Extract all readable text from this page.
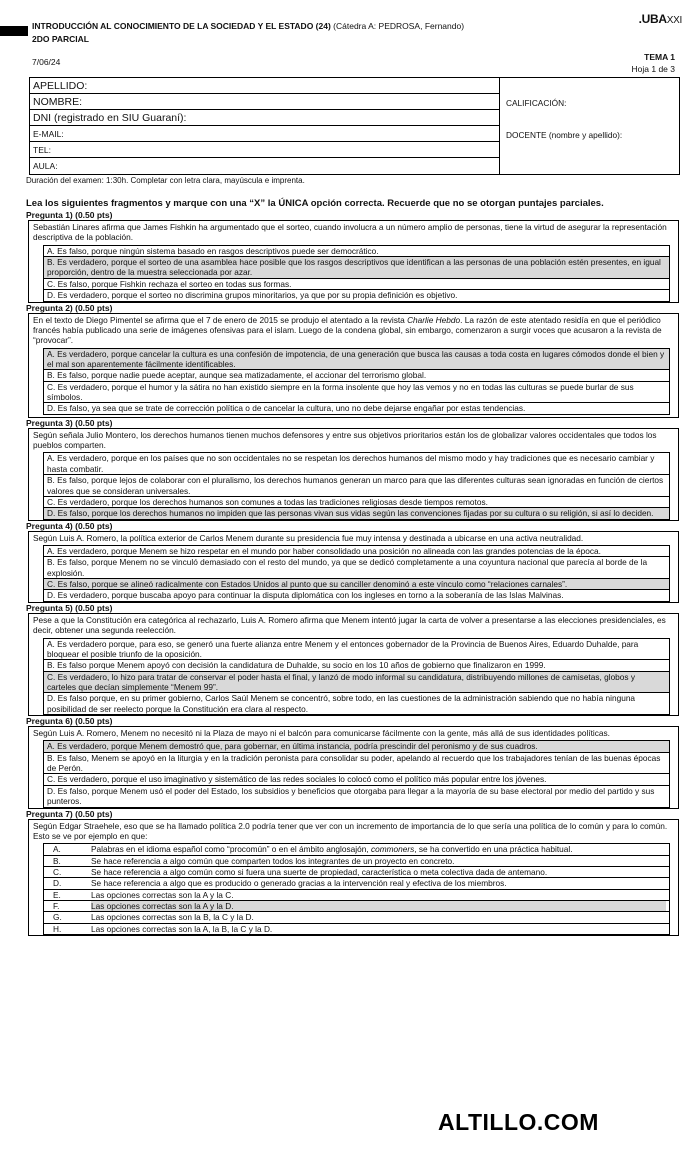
INTRODUCCIÓN AL CONOCIMIENTO DE LA SOCIEDAD Y EL ESTADO (24) (Cátedra A: PEDROSA, Fernando)
2DO PARCIAL
.UBAXXI
7/06/24	TEMA 1
Hoja 1 de 3
APELLIDO:
NOMBRE:
DNI (registrado en SIU Guaraní):
E-MAIL:
TEL:
AULA:
CALIFICACIÓN:
DOCENTE (nombre y apellido):
Duración del examen: 1:30h. Completar con letra clara, mayúscula e imprenta.

Lea los siguientes fragmentos y marque con una “X” la ÚNICA opción correcta. Recuerde que no se otorgan puntajes parciales.

Pregunta 1) (0.50 pts)
Sebastián Linares afirma que James Fishkin ha argumentado que el sorteo, cuando involucra a un número amplio de personas, tiene la virtud de asegurar la representación descriptiva de la población.
A. Es falso, porque ningún sistema basado en rasgos descriptivos puede ser democrático.
B. Es verdadero, porque el sorteo de una asamblea hace posible que los rasgos descriptivos que identifican a las personas de una población estén presentes, en igual proporción, dentro de la muestra seleccionada por azar.
C. Es falso, porque Fishkin rechaza el sorteo en todas sus formas.
D. Es verdadero, porque el sorteo no discrimina grupos minoritarios, ya que por su propia definición es objetivo.
Pregunta 2) (0.50 pts)
En el texto de Diego Pimentel se afirma que el 7 de enero de 2015 se produjo el atentado a la revista Charlie Hebdo. La razón de este atentado residía en que el periódico francés había publicado una serie de imágenes ofensivas para el islam. Luego de la condena global, sin embargo, comenzaron a surgir voces que acusaron a la revista de “provocar”.
A. Es verdadero, porque cancelar la cultura es una confesión de impotencia, de una generación que busca las causas a toda costa en lugares cómodos donde el bien y el mal son aparentemente fácilmente identificables.
B. Es falso, porque nadie puede aceptar, aunque sea matizadamente, el accionar del terrorismo global.
C. Es verdadero, porque el humor y la sátira no han existido siempre en la forma insolente que hoy las vemos y no en todas las culturas se puede burlar de sus símbolos.
D. Es falso, ya sea que se trate de corrección política o de cancelar la cultura, uno no debe dejarse engañar por estas tendencias.
Pregunta 3) (0.50 pts)
Según señala Julio Montero, los derechos humanos tienen muchos defensores y entre sus objetivos prioritarios están los de globalizar valores occidentales que todos los pueblos comparten.
A. Es verdadero, porque en los países que no son occidentales no se respetan los derechos humanos del mismo modo y hay tradiciones que es necesario cambiar y hasta combatir.
B. Es falso, porque lejos de colaborar con el pluralismo, los derechos humanos generan un marco para que las diferentes culturas sean ignoradas en función de ciertos valores que se consideran universales.
C. Es verdadero, porque los derechos humanos son comunes a todas las tradiciones religiosas desde tiempos remotos.
D. Es falso, porque los derechos humanos no impiden que las personas vivan sus vidas según las convenciones fijadas por su cultura o su religión, si así lo deciden.
Pregunta 4) (0.50 pts)
Según Luis A. Romero, la política exterior de Carlos Menem durante su presidencia fue muy intensa y destinada a ubicarse en una activa neutralidad.
A. Es verdadero, porque Menem se hizo respetar en el mundo por haber consolidado una posición no alineada con las grandes potencias de la época.
B. Es falso, porque Menem no se vinculó demasiado con el resto del mundo, ya que se dedicó completamente a una coyuntura nacional que parecía al borde de la explosión.
C. Es falso, porque se alineó radicalmente con Estados Unidos al punto que su canciller denominó a este vínculo como “relaciones carnales”.
D. Es verdadero, porque buscaba apoyo para continuar la disputa diplomática con los ingleses en torno a la soberanía de las Islas Malvinas.
Pregunta 5) (0.50 pts)
Pese a que la Constitución era categórica al rechazarlo, Luis A. Romero afirma que Menem intentó jugar la carta de volver a presentarse a las elecciones presidenciales, es decir, obtener una segunda reelección.
A. Es verdadero porque, para eso, se generó una fuerte alianza entre Menem y el entonces gobernador de la Provincia de Buenos Aires, Eduardo Duhalde, para bloquear el posible triunfo de la oposición.
B. Es falso porque Menem apoyó con decisión la candidatura de Duhalde, su socio en los 10 años de gobierno que finalizaron en 1999.
C. Es verdadero, lo hizo para tratar de conservar el poder hasta el final, y lanzó de modo informal su candidatura, distribuyendo millones de camisetas, globos y carteles que decían simplemente “Menem 99”.
D. Es falso porque, en su primer gobierno, Carlos Saúl Menem se concentró, sobre todo, en las cuestiones de la administración sabiendo que no había ninguna posibilidad de ser reelecto porque la Constitución era clara al respecto.
Pregunta 6) (0.50 pts)
Según Luis A. Romero, Menem no necesitó ni la Plaza de mayo ni el balcón para comunicarse fácilmente con la gente, más allá de sus identidades políticas.
A. Es verdadero, porque Menem demostró que, para gobernar, en última instancia, podría prescindir del peronismo y de sus cuadros.
B. Es falso, Menem se apoyó en la liturgia y en la tradición peronista para consolidar su poder, apelando al recuerdo que los trabajadores tenían de las buenas épocas de Perón.
C. Es verdadero, porque el uso imaginativo y sistemático de las redes sociales lo colocó como el político más popular entre los jóvenes.
D. Es falso, porque Menem usó el poder del Estado, los subsidios y beneficios que otorgaba para llegar a la mayoría de su base electoral por medio del partido y sus punteros.
Pregunta 7) (0.50 pts)
Según Edgar Straehele, eso que se ha llamado política 2.0 podría tener que ver con un incremento de importancia de lo que sería una política de lo común y para lo común. Esto se ve por ejemplo en que:
A.	Palabras en el idioma español como “procomún” o en el ámbito anglosajón, commoners, se ha convertido en una práctica habitual.
B.	Se hace referencia a algo común que comparten todos los integrantes de un proyecto en concreto.
C.	Se hace referencia a algo común como si fuera una suerte de propiedad, característica o meta colectiva dada de antemano.
D.	Se hace referencia a algo que es producido o generado gracias a la intervención real y efectiva de los miembros.
E.	Las opciones correctas son la A y la C.
F.	Las opciones correctas son la A y la D.
G.	Las opciones correctas son la B, la C y la D.
H.	Las opciones correctas son la A, la B, la C y la D.
ALTILLO.COM
